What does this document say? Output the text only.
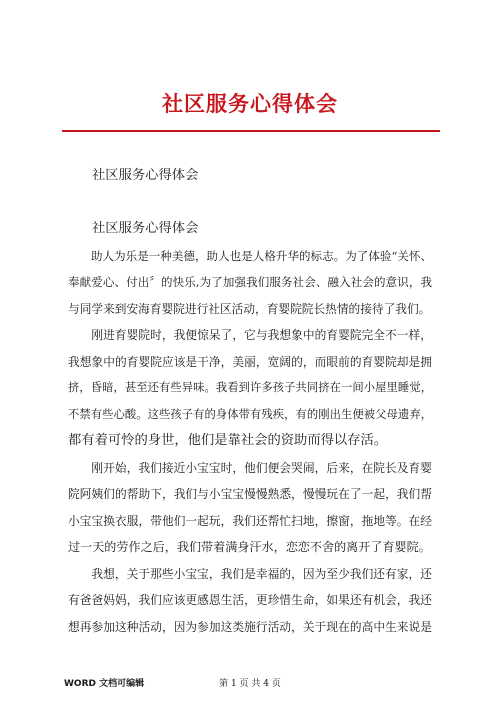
社区服务心得体会
社区服务心得体会
社区服务心得体会
助人为乐是一种美德，助人也是人格升华的标志。为了体验“关怀、
奉献爱心、付出〞的快乐,为了加强我们服务社会、融入社会的意识，我
与同学来到安海育婴院进行社区活动，育婴院院长热情的接待了我们。
刚进育婴院时，我便惊呆了，它与我想象中的育婴院完全不一样，
我想象中的育婴院应该是干净，美丽，宽阔的，而眼前的育婴院却是拥
挤，昏暗，甚至还有些异味。我看到许多孩子共同挤在一间小屋里睡觉，
不禁有些心酸。这些孩子有的身体带有残疾，有的刚出生便被父母遗弃，
都有着可怜的身世，他们是靠社会的资助而得以存活。
刚开始，我们接近小宝宝时，他们便会哭闹，后来，在院长及育婴
院阿姨们的帮助下，我们与小宝宝慢慢熟悉，慢慢玩在了一起，我们帮
小宝宝换衣服，带他们一起玩，我们还帮忙扫地，擦窗，拖地等。在经
过一天的劳作之后，我们带着满身汗水，恋恋不舍的离开了育婴院。
我想，关于那些小宝宝，我们是幸福的，因为至少我们还有家，还
有爸爸妈妈，我们应该更感恩生活，更珍惜生命，如果还有机会，我还
想再参加这种活动，因为参加这类施行活动，关于现在的高中生来说是
WORD 文档可编辑	第 1 页 共 4 页
